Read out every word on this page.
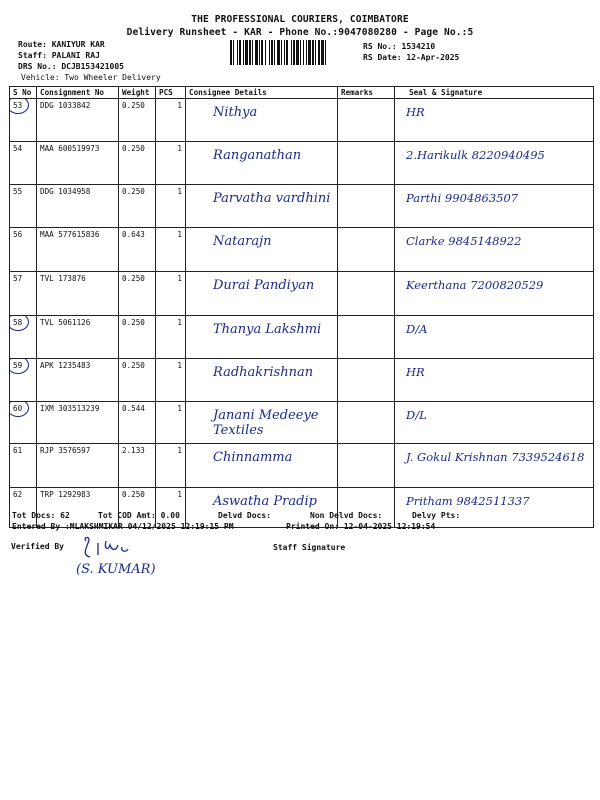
THE PROFESSIONAL COURIERS, COIMBATORE
Delivery Runsheet - KAR - Phone No.:9047080280 - Page No.:5
Route: KANIYUR KAR
Staff: PALANI RAJ
DRS No.: DCJB153421005
Vehicle: Two Wheeler Delivery
RS No.: 1534210
RS Date: 12-Apr-2025
S No	Consignment No	Weight	PCS	Consignee Details	Remarks	Seal & Signature
53	DDG 1033842	0.250	1	Nithya		HR

54	MAA 600519973	0.250	1	Ranganathan		2.Harikulk 8220940495

55	DDG 1034958	0.250	1	Parvatha vardhini		Parthi 9904863507

56	MAA 577615836	0.643	1	Natarajn		Clarke 9845148922

57	TVL 173876	0.250	1	Durai Pandiyan		Keerthana 7200820529

58	TVL 5061126	0.250	1	Thanya Lakshmi		D/A

59	APK 1235483	0.250	1	Radhakrishnan		HR

60	IXM 303513239	0.544	1	Janani Medeeye Textiles		D/L

61	RJP 3576597	2.133	1	Chinnamma		J. Gokul Krishnan 7339524618

62	TRP 1292983	0.250	1	Aswatha Pradip		Pritham 9842511337
Tot Docs: 62	Tot COD Amt: 0.00	Delvd Docs:	Non Delvd Docs:	Delvy Pts:
Entered By :MLAKSHMIKAR 04/12/2025 12:19:15 PM	Printed On: 12-04-2025 12:19:54
Verified By	Staff Signature
(S. KUMAR)
